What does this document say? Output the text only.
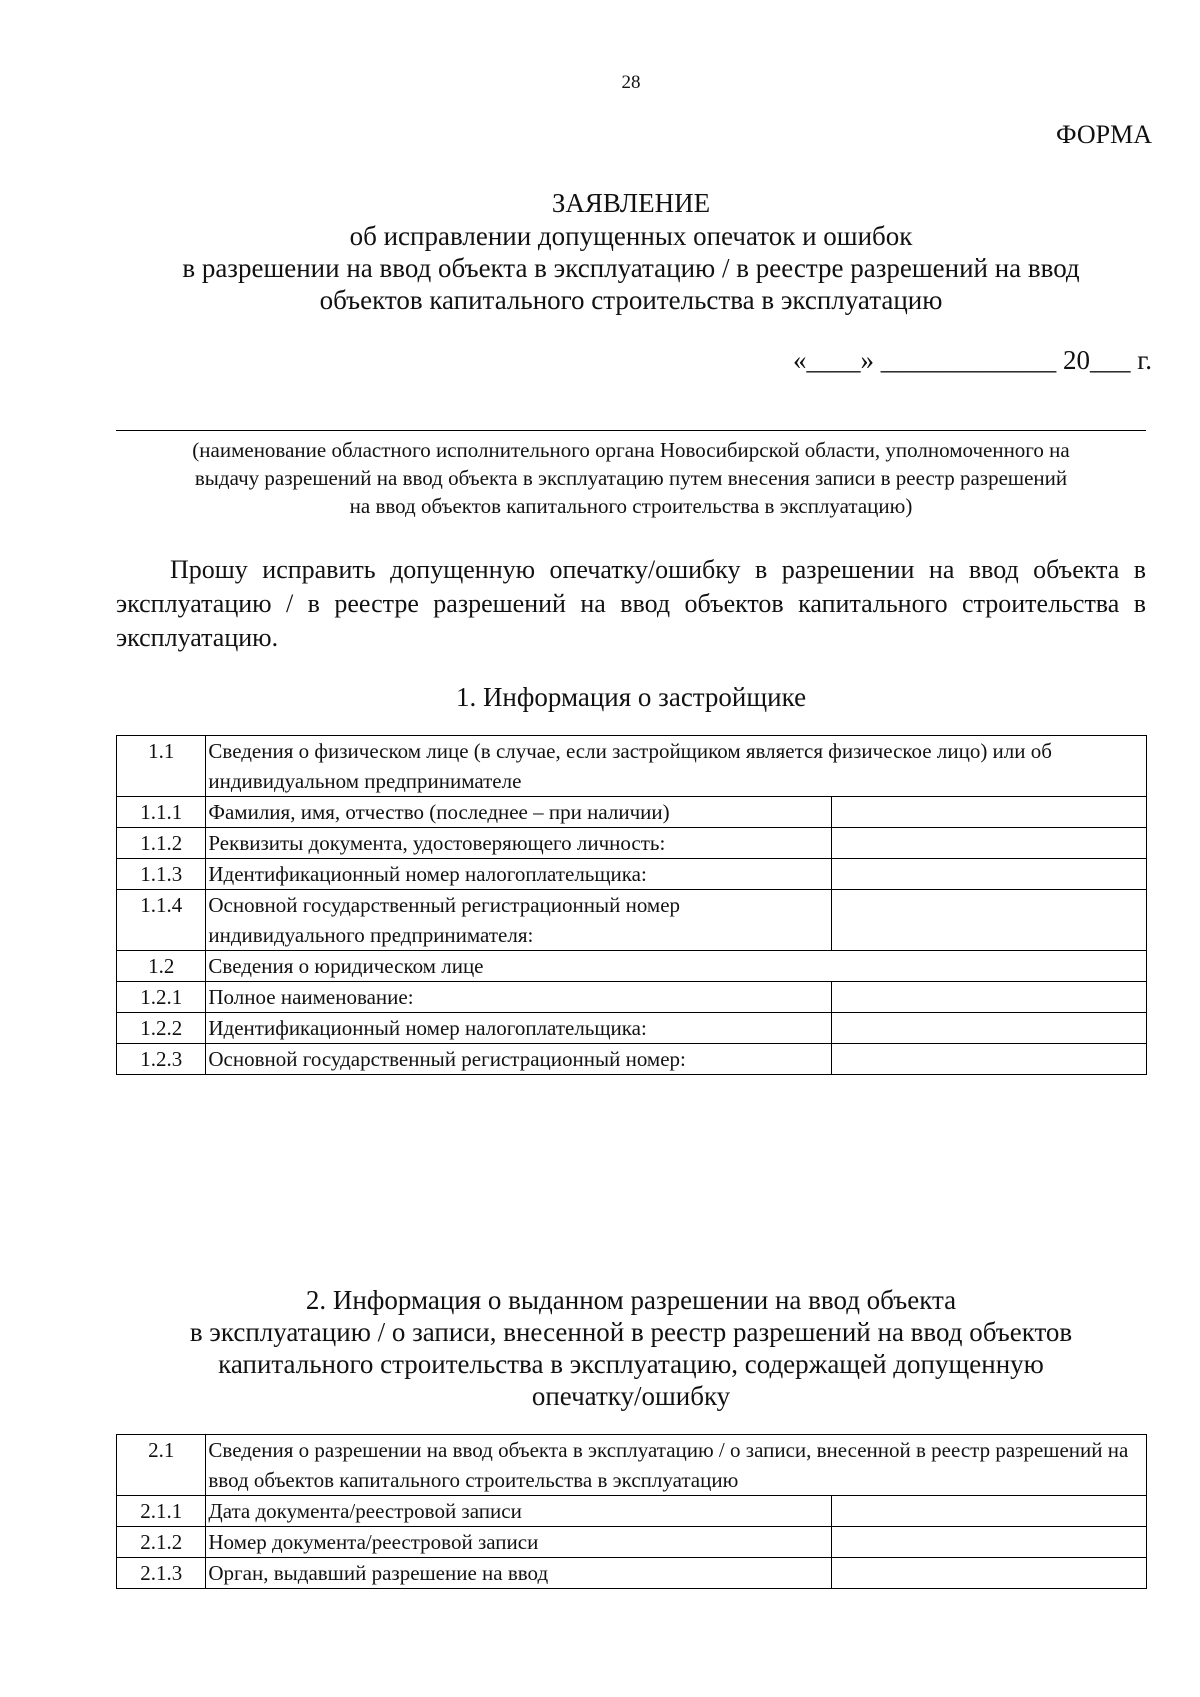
28
ФОРМА
ЗАЯВЛЕНИЕ
об исправлении допущенных опечаток и ошибок
в разрешении на ввод объекта в эксплуатацию / в реестре разрешений на ввод
объектов капитального строительства в эксплуатацию
«____» _____________ 20___ г.
(наименование областного исполнительного органа Новосибирской области, уполномоченного на
выдачу разрешений на ввод объекта в эксплуатацию путем внесения записи в реестр разрешений
на ввод объектов капитального строительства в эксплуатацию)
Прошу исправить допущенную опечатку/ошибку в разрешении на ввод объекта в эксплуатацию / в реестре разрешений на ввод объектов капитального строительства в эксплуатацию.
1. Информация о застройщике
1.1	Сведения о физическом лице (в случае, если застройщиком является физическое лицо) или об индивидуальном предпринимателе	
1.1.1	Фамилия, имя, отчество (последнее – при наличии)	
1.1.2	Реквизиты документа, удостоверяющего личность:	
1.1.3	Идентификационный номер налогоплательщика:	
1.1.4	Основной государственный регистрационный номер индивидуального предпринимателя:	
1.2	Сведения о юридическом лице	
1.2.1	Полное наименование:	
1.2.2	Идентификационный номер налогоплательщика:	
1.2.3	Основной государственный регистрационный номер:	
2. Информация о выданном разрешении на ввод объекта
в эксплуатацию / о записи, внесенной в реестр разрешений на ввод объектов
капитального строительства в эксплуатацию, содержащей допущенную
опечатку/ошибку
2.1	Сведения о разрешении на ввод объекта в эксплуатацию / о записи, внесенной в реестр разрешений на ввод объектов капитального строительства в эксплуатацию	
2.1.1	Дата документа/реестровой записи	
2.1.2	Номер документа/реестровой записи	
2.1.3	Орган, выдавший разрешение на ввод	
